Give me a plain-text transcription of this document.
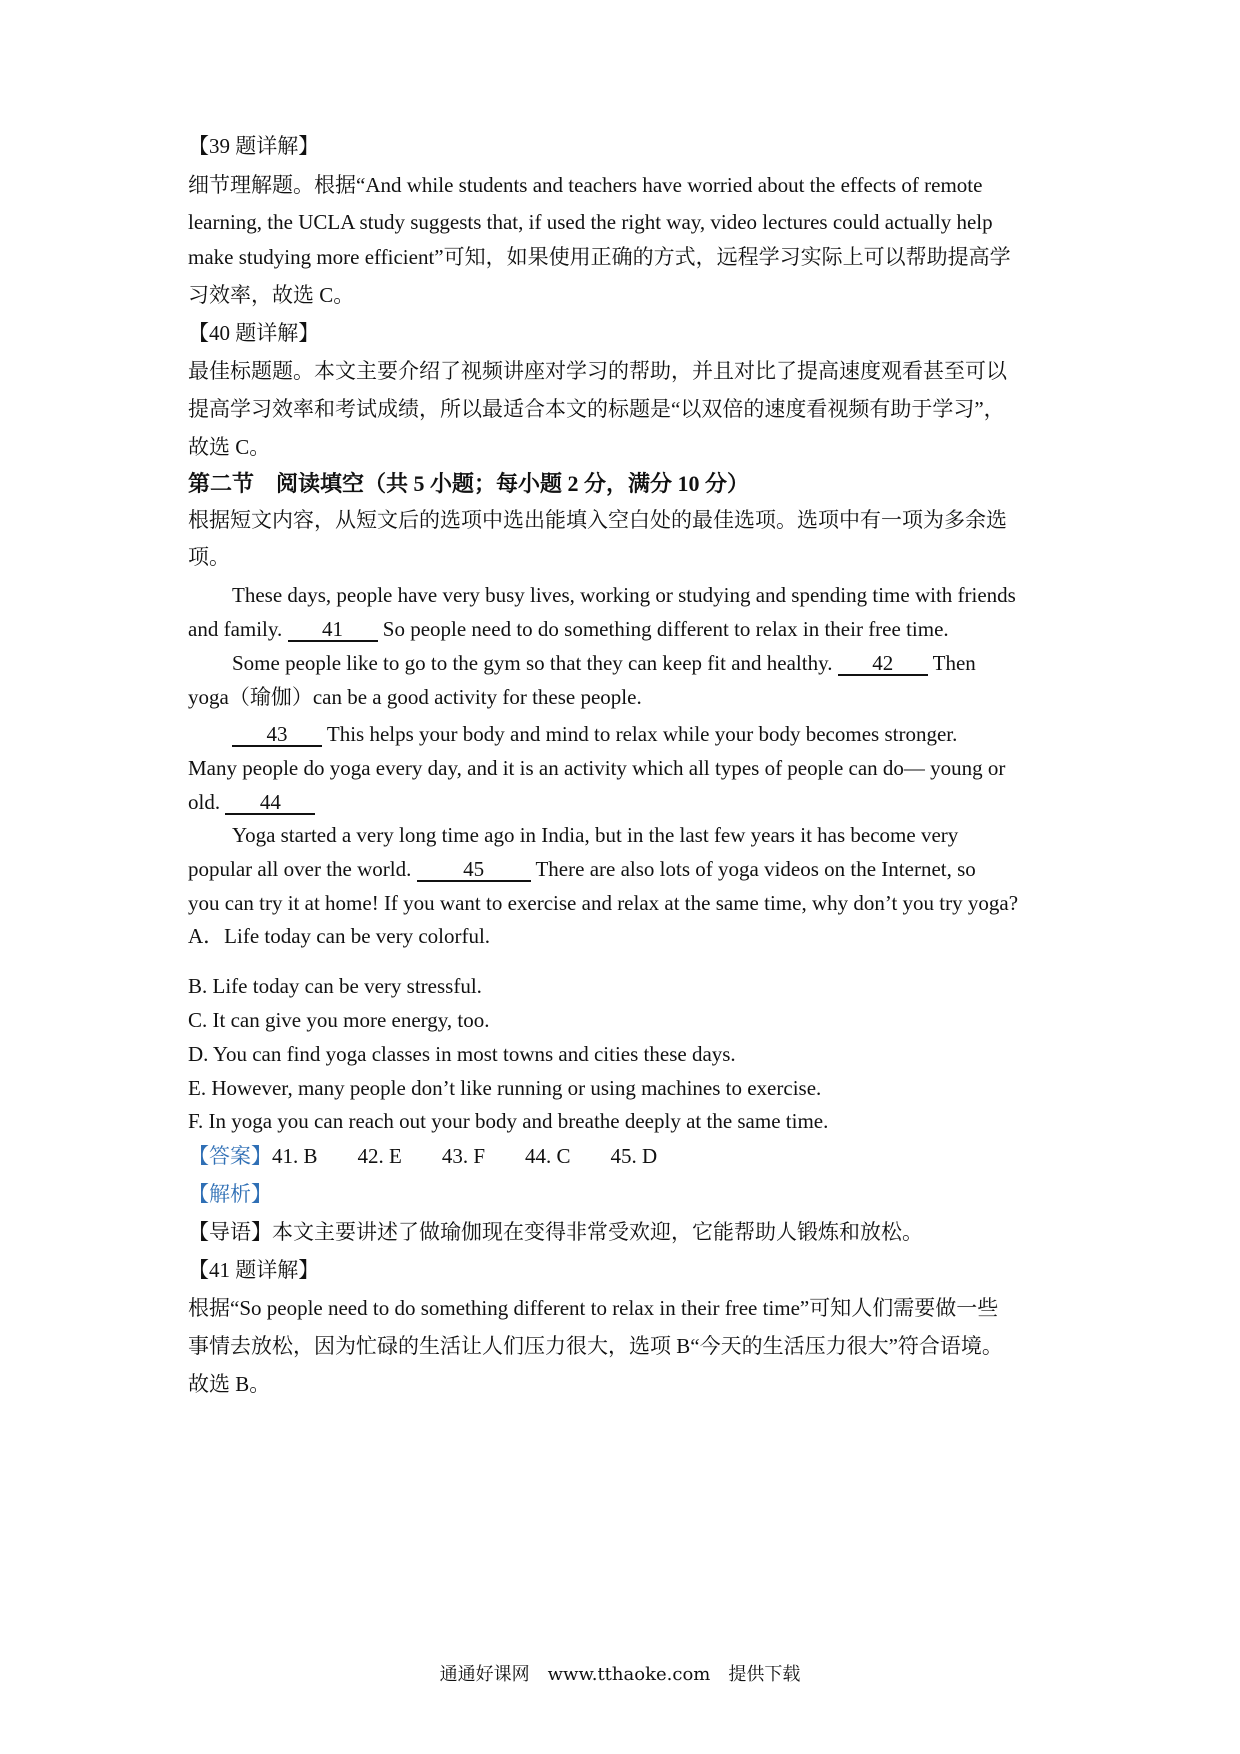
【39 题详解】
细节理解题。根据“And while students and teachers have worried about the effects of remote
learning, the UCLA study suggests that, if used the right way, video lectures could actually help
make studying more efficient”可知，如果使用正确的方式，远程学习实际上可以帮助提高学
习效率，故选 C。
【40 题详解】
最佳标题题。本文主要介绍了视频讲座对学习的帮助，并且对比了提高速度观看甚至可以
提高学习效率和考试成绩，所以最适合本文的标题是“以双倍的速度看视频有助于学习”，
故选 C。
第二节　阅读填空（共 5 小题；每小题 2 分，满分 10 分）
根据短文内容，从短文后的选项中选出能填入空白处的最佳选项。选项中有一项为多余选
项。
These days, people have very busy lives, working or studying and spending time with friends
and family. 41 So people need to do something different to relax in their free time.
Some people like to go to the gym so that they can keep fit and healthy. 42 Then
yoga（瑜伽）can be a good activity for these people.
43 This helps your body and mind to relax while your body becomes stronger.
Many people do yoga every day, and it is an activity which all types of people can do— young or
old. 44
Yoga started a very long time ago in India, but in the last few years it has become very
popular all over the world. 45 There are also lots of yoga videos on the Internet, so
you can try it at home! If you want to exercise and relax at the same time, why don’t you try yoga?
A．Life today can be very colorful.
B. Life today can be very stressful.
C. It can give you more energy, too.
D. You can find yoga classes in most towns and cities these days.
E. However, many people don’t like running or using machines to exercise.
F. In yoga you can reach out your body and breathe deeply at the same time.
【答案】41. B 42. E 43. F 44. C 45. D
【解析】
【导语】本文主要讲述了做瑜伽现在变得非常受欢迎，它能帮助人锻炼和放松。
【41 题详解】
根据“So people need to do something different to relax in their free time”可知人们需要做一些
事情去放松，因为忙碌的生活让人们压力很大，选项 B“今天的生活压力很大”符合语境。
故选 B。
通通好课网　www.tthaoke.com　提供下载
